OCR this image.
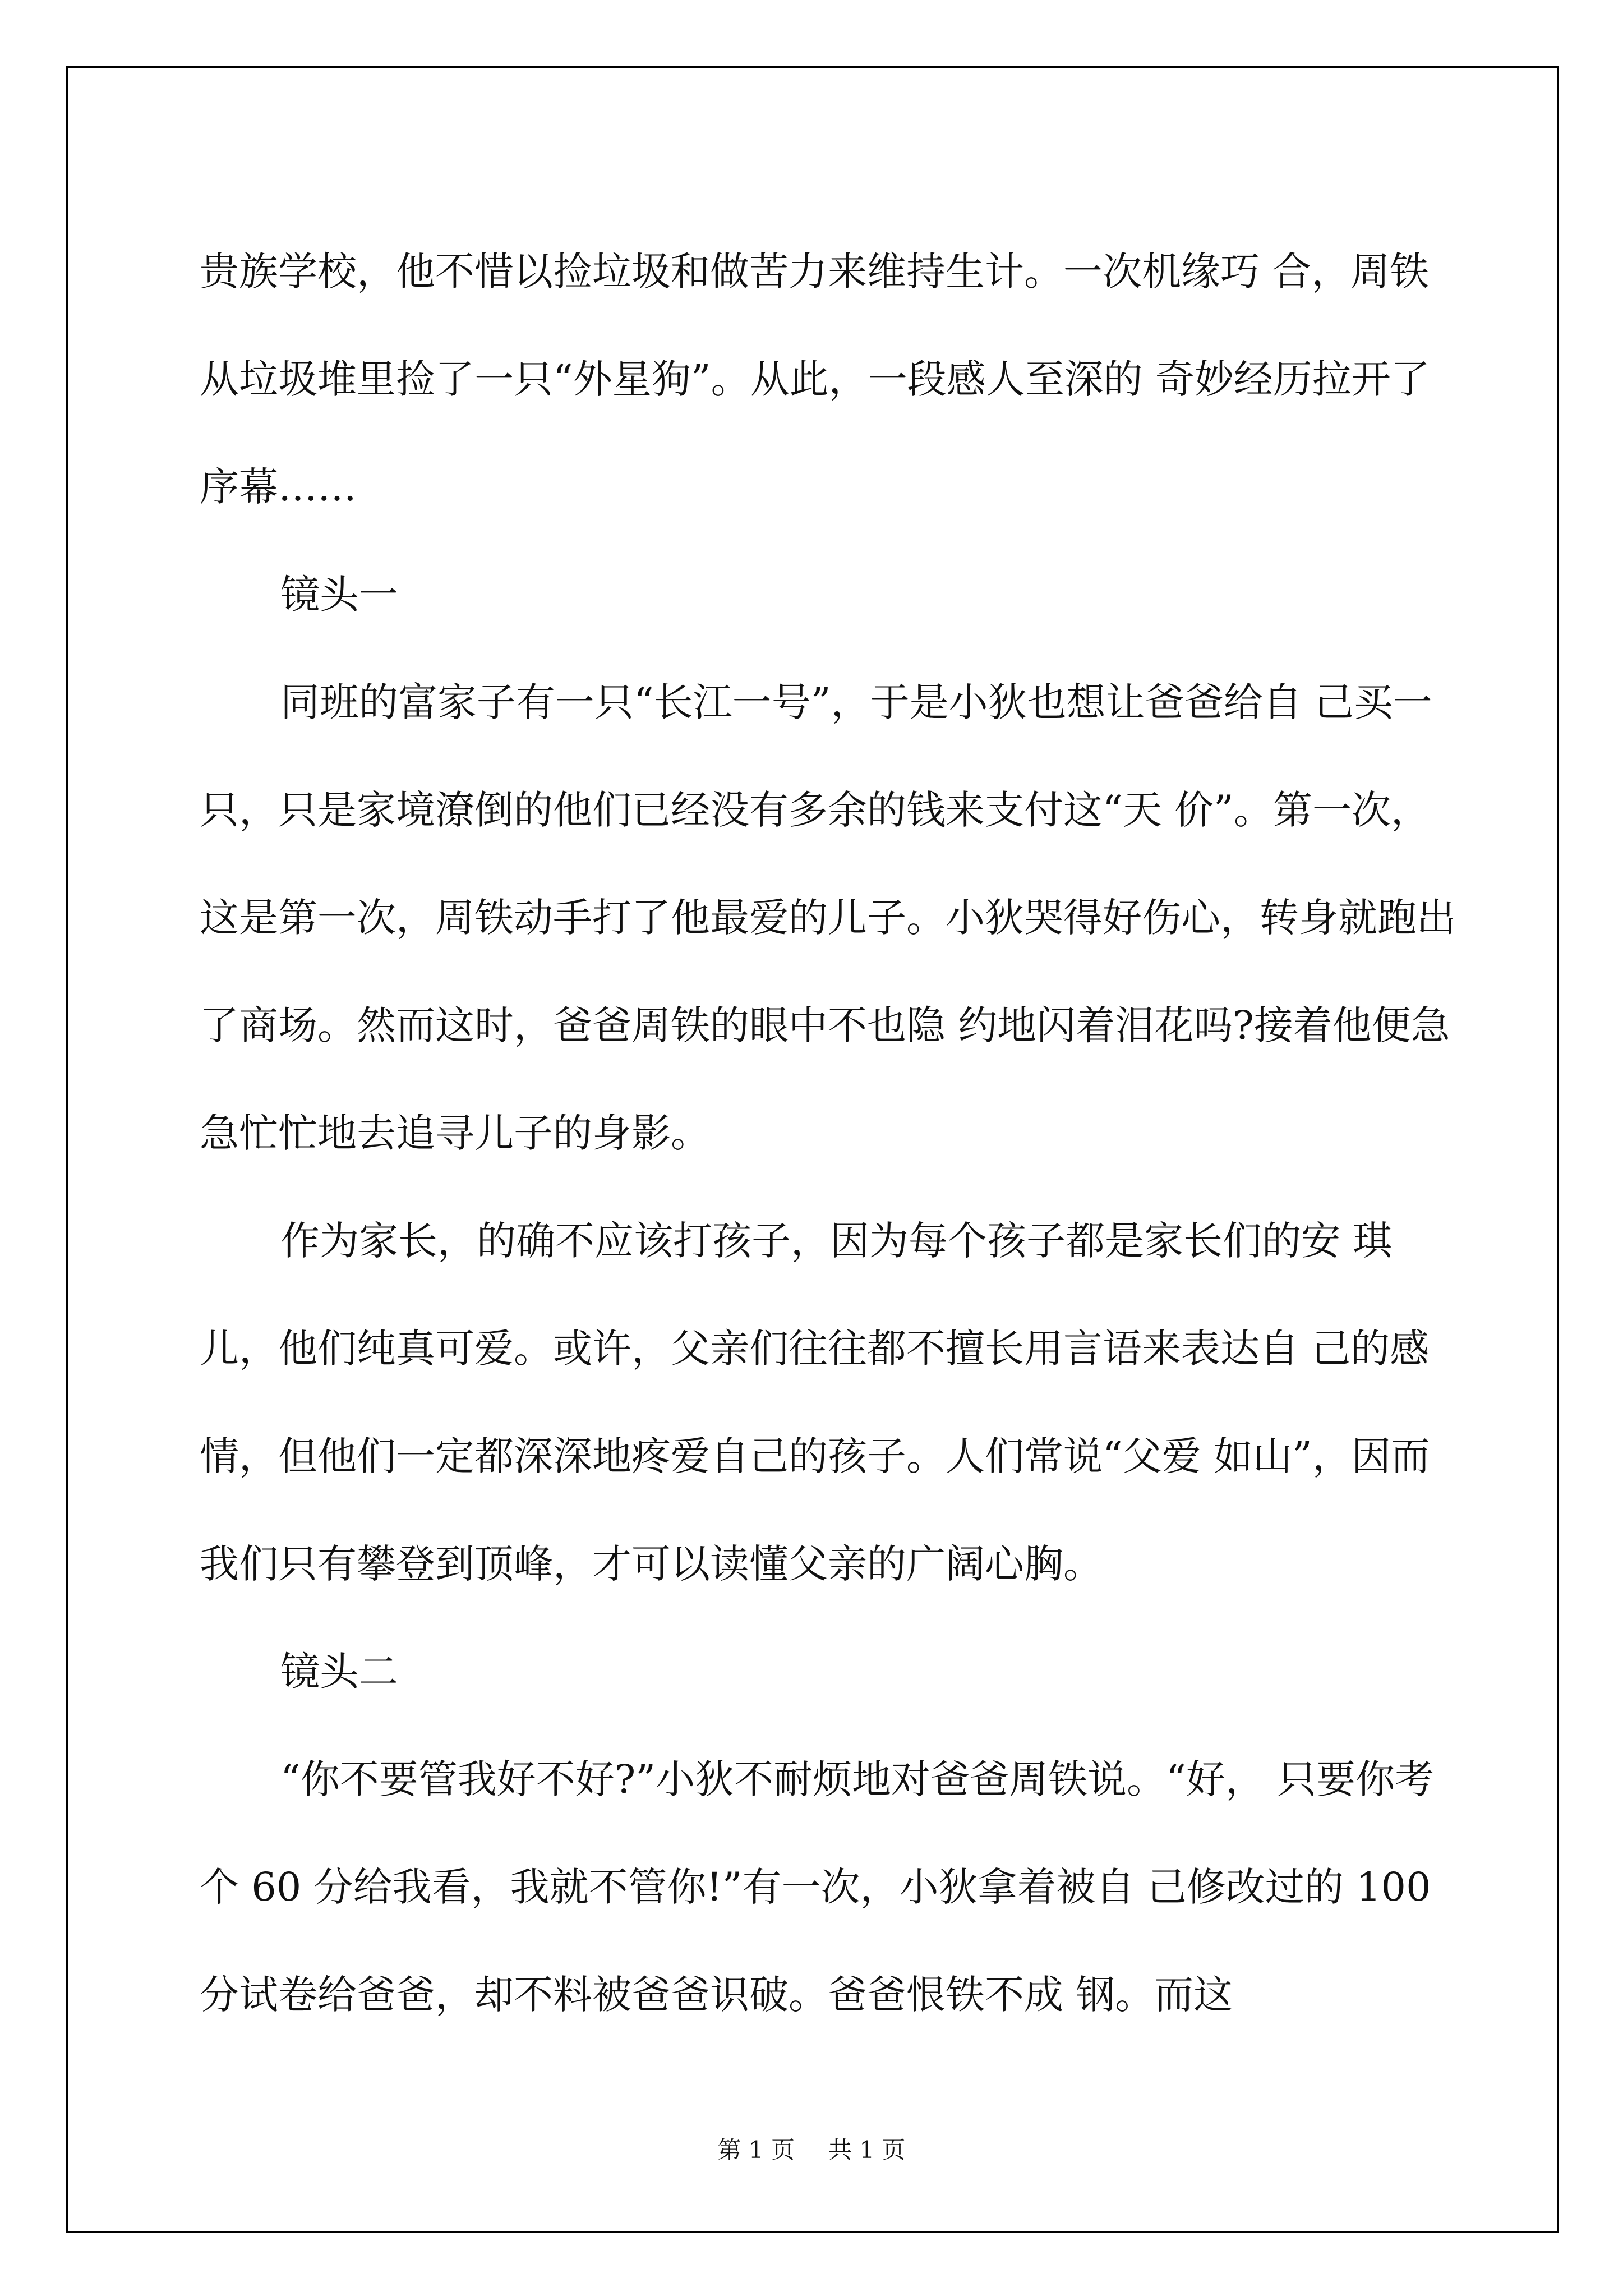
贵族学校，他不惜以捡垃圾和做苦力来维持生计。一次机缘巧 合，周铁从垃圾堆里捡了一只“外星狗”。从此，一段感人至深的 奇妙经历拉开了序幕……

镜头一

同班的富家子有一只“长江一号”，于是小狄也想让爸爸给自 己买一只，只是家境潦倒的他们已经没有多余的钱来支付这“天 价”。第一次，这是第一次，周铁动手打了他最爱的儿子。小狄哭得好伤心，转身就跑出了商场。然而这时，爸爸周铁的眼中不也隐 约地闪着泪花吗?接着他便急急忙忙地去追寻儿子的身影。

作为家长，的确不应该打孩子，因为每个孩子都是家长们的安 琪儿，他们纯真可爱。或许，父亲们往往都不擅长用言语来表达自 己的感情，但他们一定都深深地疼爱自己的孩子。人们常说“父爱 如山”，因而我们只有攀登到顶峰，才可以读懂父亲的广阔心胸。

镜头二

“你不要管我好不好?”小狄不耐烦地对爸爸周铁说。“好， 只要你考个 60 分给我看，我就不管你!”有一次，小狄拿着被自 己修改过的 100 分试卷给爸爸，却不料被爸爸识破。爸爸恨铁不成 钢。而这

第 1 页 共 1 页
